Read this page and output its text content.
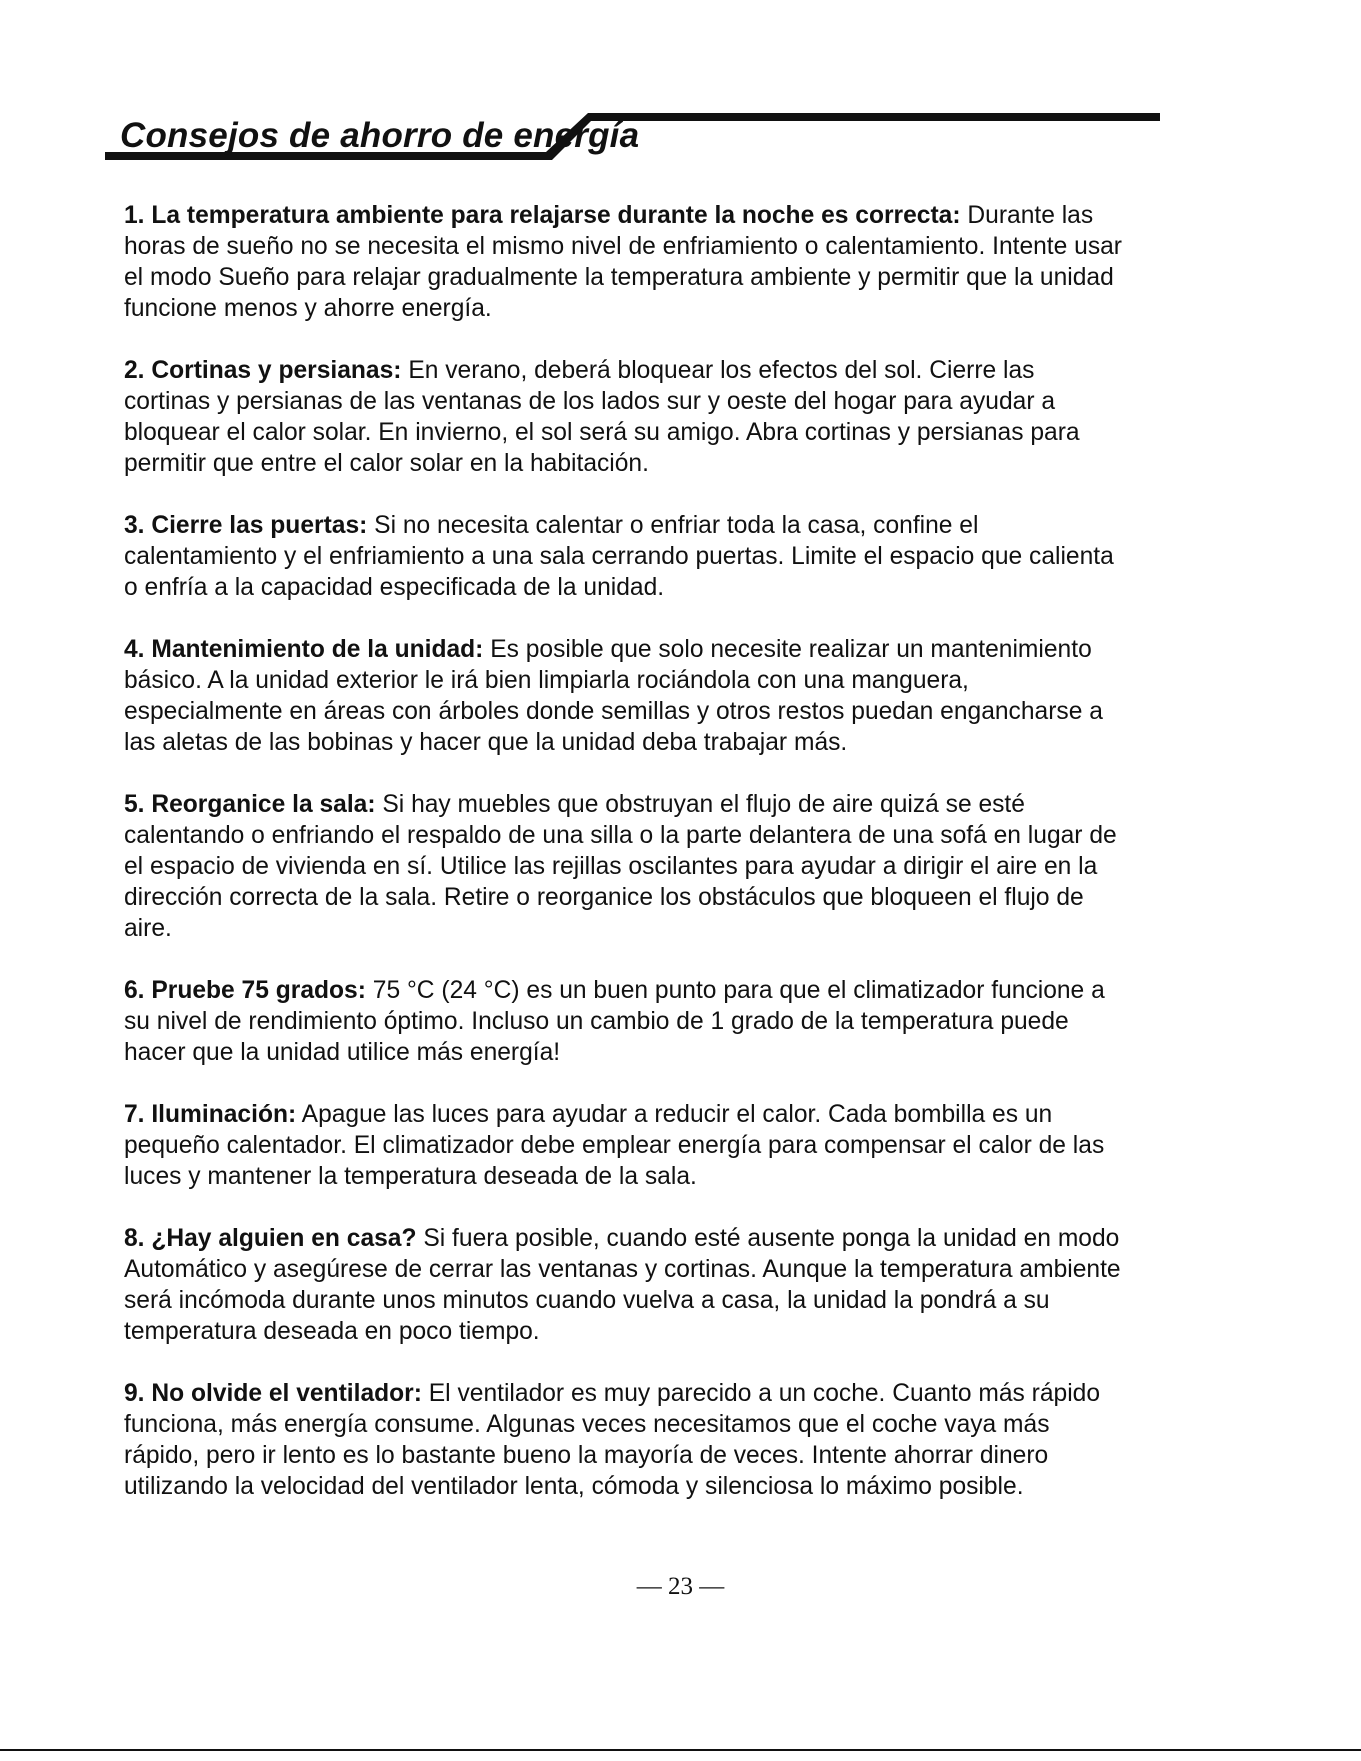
Consejos de ahorro de energía
1. La temperatura ambiente para relajarse durante la noche es correcta: Durante las horas de sueño no se necesita el mismo nivel de enfriamiento o calentamiento. Intente usar el modo Sueño para relajar gradualmente la temperatura ambiente y permitir que la unidad funcione menos y ahorre energía.
2. Cortinas y persianas: En verano, deberá bloquear los efectos del sol. Cierre las cortinas y persianas de las ventanas de los lados sur y oeste del hogar para ayudar a bloquear el calor solar. En invierno, el sol será su amigo. Abra cortinas y persianas para permitir que entre el calor solar en la habitación.
3. Cierre las puertas: Si no necesita calentar o enfriar toda la casa, confine el calentamiento y el enfriamiento a una sala cerrando puertas. Limite el espacio que calienta o enfría a la capacidad especificada de la unidad.
4. Mantenimiento de la unidad: Es posible que solo necesite realizar un mantenimiento básico. A la unidad exterior le irá bien limpiarla rociándola con una manguera, especialmente en áreas con árboles donde semillas y otros restos puedan engancharse a las aletas de las bobinas y hacer que la unidad deba trabajar más.
5. Reorganice la sala: Si hay muebles que obstruyan el flujo de aire quizá se esté calentando o enfriando el respaldo de una silla o la parte delantera de una sofá en lugar de el espacio de vivienda en sí. Utilice las rejillas oscilantes para ayudar a dirigir el aire en la dirección correcta de la sala. Retire o reorganice los obstáculos que bloqueen el flujo de aire.
6. Pruebe 75 grados: 75 °C (24 °C) es un buen punto para que el climatizador funcione a su nivel de rendimiento óptimo. Incluso un cambio de 1 grado de la temperatura puede hacer que la unidad utilice más energía!
7. Iluminación: Apague las luces para ayudar a reducir el calor. Cada bombilla es un pequeño calentador. El climatizador debe emplear energía para compensar el calor de las luces y mantener la temperatura deseada de la sala.
8. ¿Hay alguien en casa? Si fuera posible, cuando esté ausente ponga la unidad en modo Automático y asegúrese de cerrar las ventanas y cortinas. Aunque la temperatura ambiente será incómoda durante unos minutos cuando vuelva a casa, la unidad la pondrá a su temperatura deseada en poco tiempo.
9. No olvide el ventilador: El ventilador es muy parecido a un coche. Cuanto más rápido funciona, más energía consume. Algunas veces necesitamos que el coche vaya más rápido, pero ir lento es lo bastante bueno la mayoría de veces. Intente ahorrar dinero utilizando la velocidad del ventilador lenta, cómoda y silenciosa lo máximo posible.
— 23 —
